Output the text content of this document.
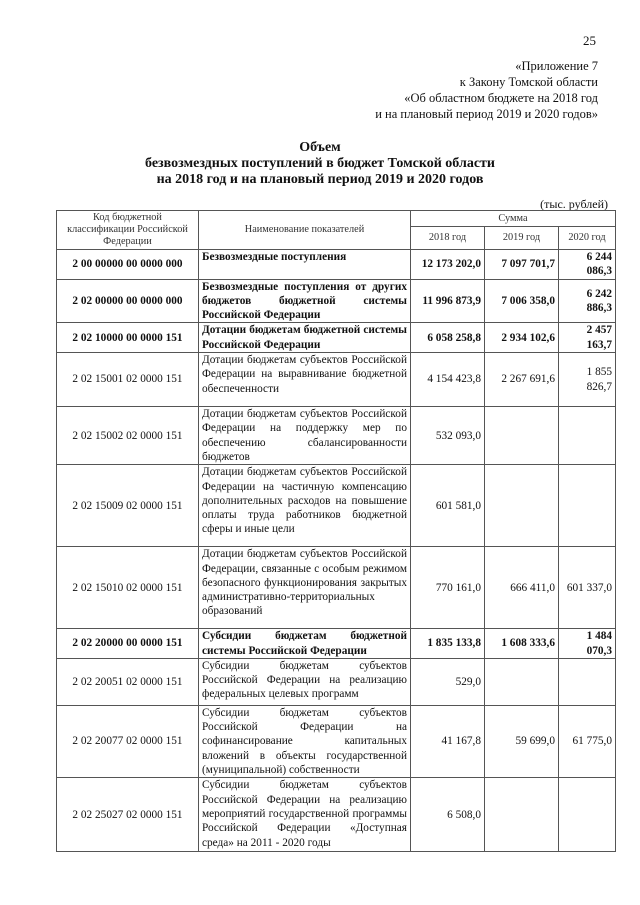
25
«Приложение 7
к Закону Томской области
«Об областном бюджете на 2018 год
и на плановый период 2019 и 2020 годов»
Объем
безвозмездных поступлений в бюджет Томской области
на 2018 год и на плановый период 2019 и 2020 годов
(тыс. рублей)
Код бюджетной классификации Российской Федерации	Наименование показателей	Сумма		
		2018 год	2019 год	2020 год
2 00 00000 00 0000 000	Безвозмездные поступления	12 173 202,0	7 097 701,7	6 244 086,3
2 02 00000 00 0000 000	Безвозмездные поступления от других бюджетов бюджетной системы Российской Федерации	11 996 873,9	7 006 358,0	6 242 886,3
2 02 10000 00 0000 151	Дотации бюджетам бюджетной системы Российской Федерации	6 058 258,8	2 934 102,6	2 457 163,7
2 02 15001 02 0000 151	Дотации бюджетам субъектов Российской Федерации на выравнивание бюджетной обеспеченности	4 154 423,8	2 267 691,6	1 855 826,7
2 02 15002 02 0000 151	Дотации бюджетам субъектов Российской Федерации на поддержку мер по обеспечению сбалансированности бюджетов	532 093,0		
2 02 15009 02 0000 151	Дотации бюджетам субъектов Российской Федерации на частичную компенсацию дополнительных расходов на повышение оплаты труда работников бюджетной сферы и иные цели	601 581,0		
2 02 15010 02 0000 151	Дотации бюджетам субъектов Российской Федерации, связанные с особым режимом безопасного функционирования закрытых административно-территориальных образований	770 161,0	666 411,0	601 337,0
2 02 20000 00 0000 151	Субсидии бюджетам бюджетной системы Российской Федерации	1 835 133,8	1 608 333,6	1 484 070,3
2 02 20051 02 0000 151	Субсидии бюджетам субъектов Российской Федерации на реализацию федеральных целевых программ	529,0		
2 02 20077 02 0000 151	Субсидии бюджетам субъектов Российской Федерации на софинансирование капитальных вложений в объекты государственной (муниципальной) собственности	41 167,8	59 699,0	61 775,0
2 02 25027 02 0000 151	Субсидии бюджетам субъектов Российской Федерации на реализацию мероприятий государственной программы Российской Федерации «Доступная среда» на 2011 - 2020 годы	6 508,0		
